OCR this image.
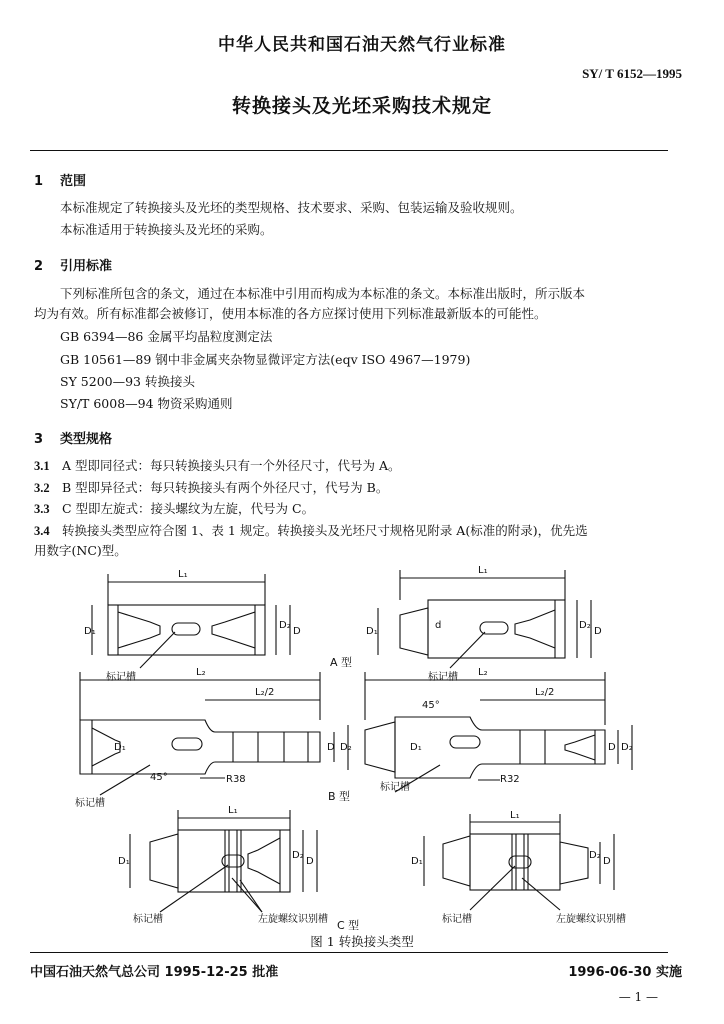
中华人民共和国石油天然气行业标准
SY/ T 6152—1995
转换接头及光坯采购技术规定
1 范围
本标准规定了转换接头及光坯的类型规格、技术要求、采购、包装运输及验收规则。
本标准适用于转换接头及光坯的采购。
2 引用标准
下列标准所包含的条文，通过在本标准中引用而构成为本标准的条文。本标准出版时，所示版本
均为有效。所有标准都会被修订，使用本标准的各方应探讨使用下列标准最新版本的可能性。
GB 6394—86 金属平均晶粒度测定法
GB 10561—89 钢中非金属夹杂物显微评定方法(eqv ISO 4967—1979)
SY 5200—93 转换接头
SY/T 6008—94 物资采购通则
3 类型规格
3.1 A 型即同径式：每只转换接头只有一个外径尺寸，代号为 A。
3.2 B 型即异径式：每只转换接头有两个外径尺寸，代号为 B。
3.3 C 型即左旋式：接头螺纹为左旋，代号为 C。
3.4 转换接头类型应符合图 1、表 1 规定。转换接头及光坯尺寸规格见附录 A(标准的附录)，优先选
用数字(NC)型。
L₁
D₁
D₂
D
标记槽
L₁
D₁
d	D₂
D
标记槽
A 型
L₂
L₂/2
D₁	D D₂
45°	R38
标记槽
L₂
L₂/2
45°
D₁	D D₂
R32
标记槽
B 型
L₁
D₁
D₂
D
标记槽	左旋螺纹识别槽
L₁
D₁
D₂
D
标记槽	左旋螺纹识别槽
C 型
图 1 转换接头类型
中国石油天然气总公司 1995-12-25 批准	1996-06-30 实施
— 1 —
